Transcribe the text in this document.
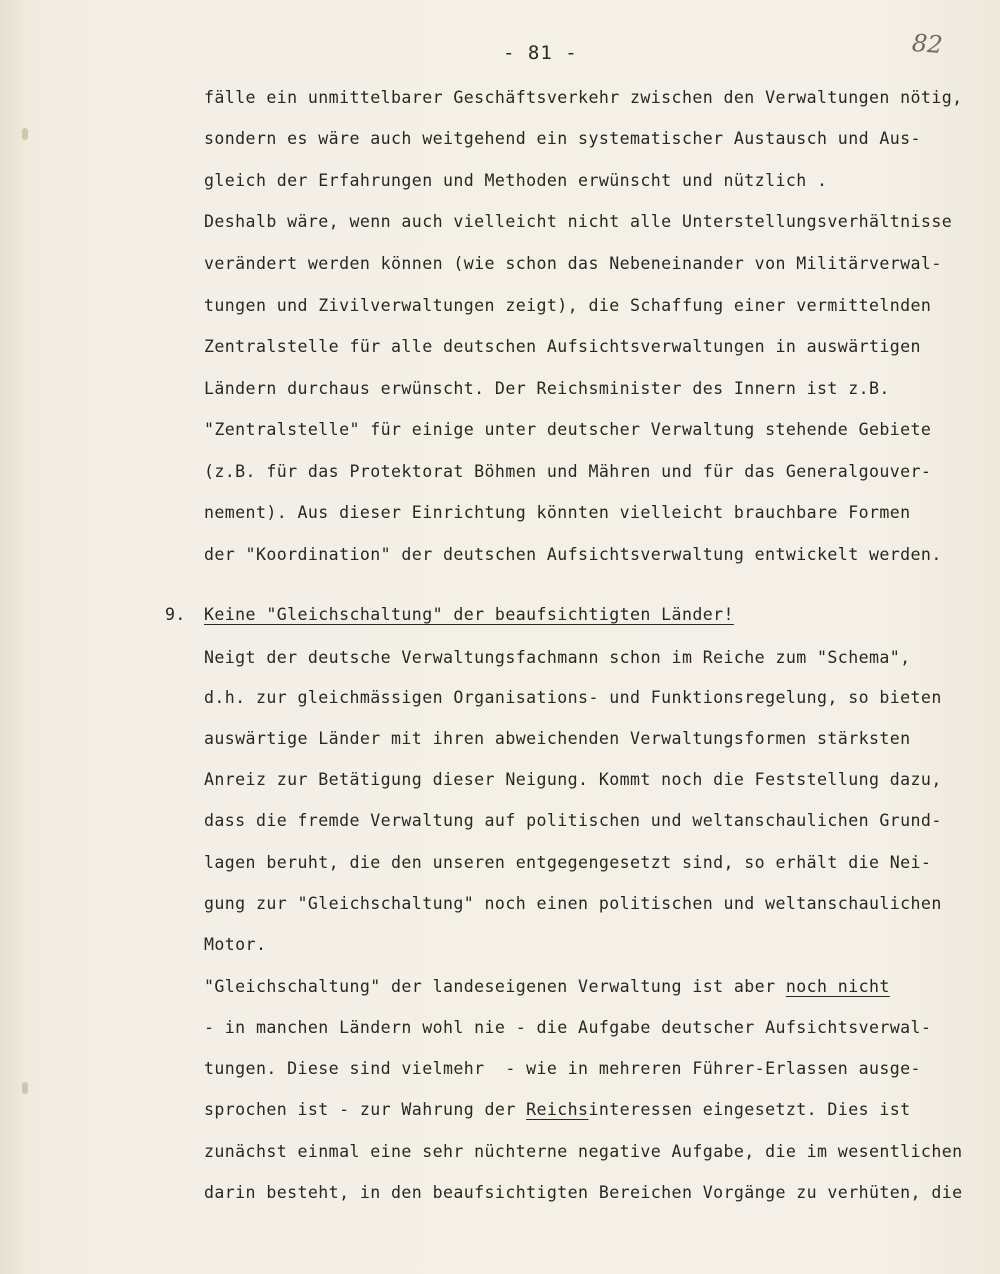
- 81 -	82
fälle ein unmittelbarer Geschäftsverkehr zwischen den Verwaltungen nötig,
sondern es wäre auch weitgehend ein systematischer Austausch und Aus-
gleich der Erfahrungen und Methoden erwünscht und nützlich .
Deshalb wäre, wenn auch vielleicht nicht alle Unterstellungsverhältnisse
verändert werden können (wie schon das Nebeneinander von Militärverwal-
tungen und Zivilverwaltungen zeigt), die Schaffung einer vermittelnden
Zentralstelle für alle deutschen Aufsichtsverwaltungen in auswärtigen
Ländern durchaus erwünscht. Der Reichsminister des Innern ist z.B.
"Zentralstelle" für einige unter deutscher Verwaltung stehende Gebiete
(z.B. für das Protektorat Böhmen und Mähren und für das Generalgouver-
nement). Aus dieser Einrichtung könnten vielleicht brauchbare Formen
der "Koordination" der deutschen Aufsichtsverwaltung entwickelt werden.
9. Keine "Gleichschaltung" der beaufsichtigten Länder!
Neigt der deutsche Verwaltungsfachmann schon im Reiche zum "Schema",
d.h. zur gleichmässigen Organisations- und Funktionsregelung, so bieten
auswärtige Länder mit ihren abweichenden Verwaltungsformen stärksten
Anreiz zur Betätigung dieser Neigung. Kommt noch die Feststellung dazu,
dass die fremde Verwaltung auf politischen und weltanschaulichen Grund-
lagen beruht, die den unseren entgegengesetzt sind, so erhält die Nei-
gung zur "Gleichschaltung" noch einen politischen und weltanschaulichen
Motor.
"Gleichschaltung" der landeseigenen Verwaltung ist aber noch nicht
- in manchen Ländern wohl nie - die Aufgabe deutscher Aufsichtsverwal-
tungen. Diese sind vielmehr  - wie in mehreren Führer-Erlassen ausge-
sprochen ist - zur Wahrung der Reichsinteressen eingesetzt. Dies ist
zunächst einmal eine sehr nüchterne negative Aufgabe, die im wesentlichen
darin besteht, in den beaufsichtigten Bereichen Vorgänge zu verhüten, die
